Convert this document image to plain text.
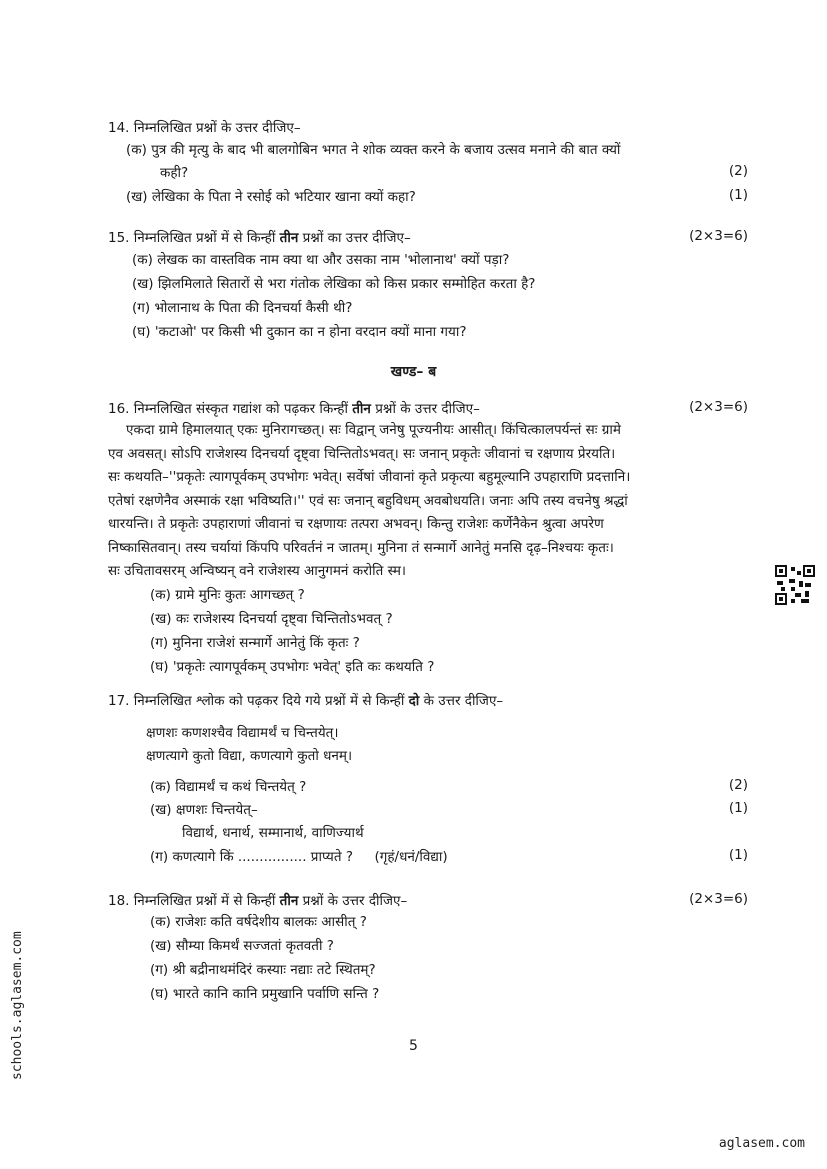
14. निम्नलिखित प्रश्नों के उत्तर दीजिए–
(क) पुत्र की मृत्यु के बाद भी बालगोबिन भगत ने शोक व्यक्त करने के बजाय उत्सव मनाने की बात क्यों
कही?	(2)
(ख) लेखिका के पिता ने रसोई को भटियार खाना क्यों कहा?	(1)
15. निम्नलिखित प्रश्नों में से किन्हीं तीन प्रश्नों का उत्तर दीजिए–	(2×3=6)
(क) लेखक का वास्तविक नाम क्या था और उसका नाम 'भोलानाथ' क्यों पड़ा?
(ख) झिलमिलाते सितारों से भरा गंतोक लेखिका को किस प्रकार सम्मोहित करता है?
(ग) भोलानाथ के पिता की दिनचर्या कैसी थी?
(घ) 'कटाओ' पर किसी भी दुकान का न होना वरदान क्यों माना गया?
खण्ड– ब
16. निम्नलिखित संस्कृत गद्यांश को पढ़कर किन्हीं तीन प्रश्नों के उत्तर दीजिए–	(2×3=6)
एकदा ग्रामे हिमालयात् एकः मुनिरागच्छत्। सः विद्वान् जनेषु पूज्यनीयः आसीत्। किंचित्कालपर्यन्तं सः ग्रामे
एव अवसत्। सोऽपि राजेशस्य दिनचर्या दृष्ट्वा चिन्तितोऽभवत्। सः जनान् प्रकृतेः जीवानां च रक्षणाय प्रेरयति।
सः कथयति–''प्रकृतेः त्यागपूर्वकम् उपभोगः भवेत्। सर्वेषां जीवानां कृते प्रकृत्या बहुमूल्यानि उपहाराणि प्रदत्तानि।
एतेषां रक्षणेनैव अस्माकं रक्षा भविष्यति।'' एवं सः जनान् बहुविधम् अवबोधयति। जनाः अपि तस्य वचनेषु श्रद्धां
धारयन्ति। ते प्रकृतेः उपहाराणां जीवानां च रक्षणायः तत्परा अभवन्। किन्तु राजेशः कर्णेनैकेन श्रुत्वा अपरेण
निष्कासितवान्। तस्य चर्यायां किंपपि परिवर्तनं न जातम्। मुनिना तं सन्मार्गे आनेतुं मनसि दृढ़–निश्चयः कृतः।
सः उचितावसरम् अन्विष्यन् वने राजेशस्य आनुगमनं करोति स्म।
(क) ग्रामे मुनिः कुतः आगच्छत् ?
(ख) कः राजेशस्य दिनचर्या दृष्ट्वा चिन्तितोऽभवत् ?
(ग) मुनिना राजेशं सन्मार्गे आनेतुं किं कृतः ?
(घ) 'प्रकृतेः त्यागपूर्वकम् उपभोगः भवेत्' इति कः कथयति ?
17. निम्नलिखित श्लोक को पढ़कर दिये गये प्रश्नों में से किन्हीं दो के उत्तर दीजिए–
क्षणशः कणशश्चैव विद्यामर्थं च चिन्तयेत्।
क्षणत्यागे कुतो विद्या, कणत्यागे कुतो धनम्।
(क) विद्यामर्थं च कथं चिन्तयेत् ?	(2)
(ख) क्षणशः चिन्तयेत्–	(1)
विद्यार्थ, धनार्थ, सम्मानार्थ, वाणिज्यार्थ
(ग) कणत्यागे किं ................ प्राप्यते ?     (गृहं/धनं/विद्या)	(1)
18. निम्नलिखित प्रश्नों में से किन्हीं तीन प्रश्नों के उत्तर दीजिए–	(2×3=6)
(क) राजेशः कति वर्षदेशीय बालकः आसीत् ?
(ख) सौम्या किमर्थं सज्जतां कृतवती ?
(ग) श्री बद्रीनाथमंदिरं कस्याः नद्याः तटे स्थितम्?
(घ) भारते कानि कानि प्रमुखानि पर्वाणि सन्ति ?
5
schools.aglasem.com
aglasem.com
